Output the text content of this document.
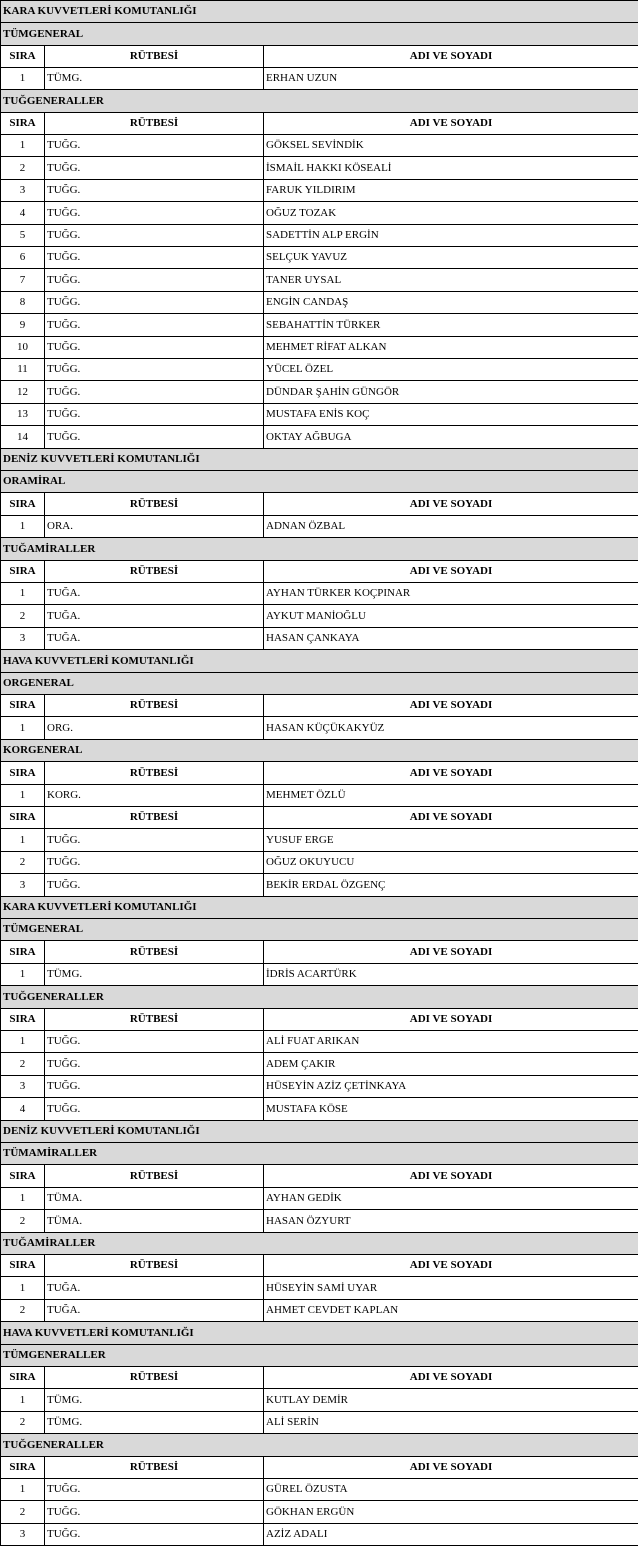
KARA KUVVETLERİ KOMUTANLIĞI		
TÜMGENERAL		
SIRA	RÜTBESİ	ADI VE SOYADI
1	TÜMG.	ERHAN UZUN
TUĞGENERALLER		
SIRA	RÜTBESİ	ADI VE SOYADI
1	TUĞG.	GÖKSEL SEVİNDİK
2	TUĞG.	İSMAİL HAKKI KÖSEALİ
3	TUĞG.	FARUK YILDIRIM
4	TUĞG.	OĞUZ TOZAK
5	TUĞG.	SADETTİN ALP ERGİN
6	TUĞG.	SELÇUK YAVUZ
7	TUĞG.	TANER UYSAL
8	TUĞG.	ENGİN CANDAŞ
9	TUĞG.	SEBAHATTİN TÜRKER
10	TUĞG.	MEHMET RİFAT ALKAN
11	TUĞG.	YÜCEL ÖZEL
12	TUĞG.	DÜNDAR ŞAHİN GÜNGÖR
13	TUĞG.	MUSTAFA ENİS KOÇ
14	TUĞG.	OKTAY AĞBUGA
DENİZ KUVVETLERİ KOMUTANLIĞI		
ORAMİRAL		
SIRA	RÜTBESİ	ADI VE SOYADI
1	ORA.	ADNAN ÖZBAL
TUĞAMİRALLER		
SIRA	RÜTBESİ	ADI VE SOYADI
1	TUĞA.	AYHAN TÜRKER KOÇPINAR
2	TUĞA.	AYKUT MANİOĞLU
3	TUĞA.	HASAN ÇANKAYA
HAVA KUVVETLERİ KOMUTANLIĞI		
ORGENERAL		
SIRA	RÜTBESİ	ADI VE SOYADI
1	ORG.	HASAN KÜÇÜKAKYÜZ
KORGENERAL		
SIRA	RÜTBESİ	ADI VE SOYADI
1	KORG.	MEHMET ÖZLÜ
SIRA	RÜTBESİ	ADI VE SOYADI
1	TUĞG.	YUSUF ERGE
2	TUĞG.	OĞUZ OKUYUCU
3	TUĞG.	BEKİR ERDAL ÖZGENÇ
KARA KUVVETLERİ KOMUTANLIĞI		
TÜMGENERAL		
SIRA	RÜTBESİ	ADI VE SOYADI
1	TÜMG.	İDRİS ACARTÜRK
TUĞGENERALLER		
SIRA	RÜTBESİ	ADI VE SOYADI
1	TUĞG.	ALİ FUAT ARIKAN
2	TUĞG.	ADEM ÇAKIR
3	TUĞG.	HÜSEYİN AZİZ ÇETİNKAYA
4	TUĞG.	MUSTAFA KÖSE
DENİZ KUVVETLERİ KOMUTANLIĞI		
TÜMAMİRALLER		
SIRA	RÜTBESİ	ADI VE SOYADI
1	TÜMA.	AYHAN GEDİK
2	TÜMA.	HASAN ÖZYURT
TUĞAMİRALLER		
SIRA	RÜTBESİ	ADI VE SOYADI
1	TUĞA.	HÜSEYİN SAMİ UYAR
2	TUĞA.	AHMET CEVDET KAPLAN
HAVA KUVVETLERİ KOMUTANLIĞI		
TÜMGENERALLER		
SIRA	RÜTBESİ	ADI VE SOYADI
1	TÜMG.	KUTLAY DEMİR
2	TÜMG.	ALİ SERİN
TUĞGENERALLER		
SIRA	RÜTBESİ	ADI VE SOYADI
1	TUĞG.	GÜREL ÖZUSTA
2	TUĞG.	GÖKHAN ERGÜN
3	TUĞG.	AZİZ ADALI
